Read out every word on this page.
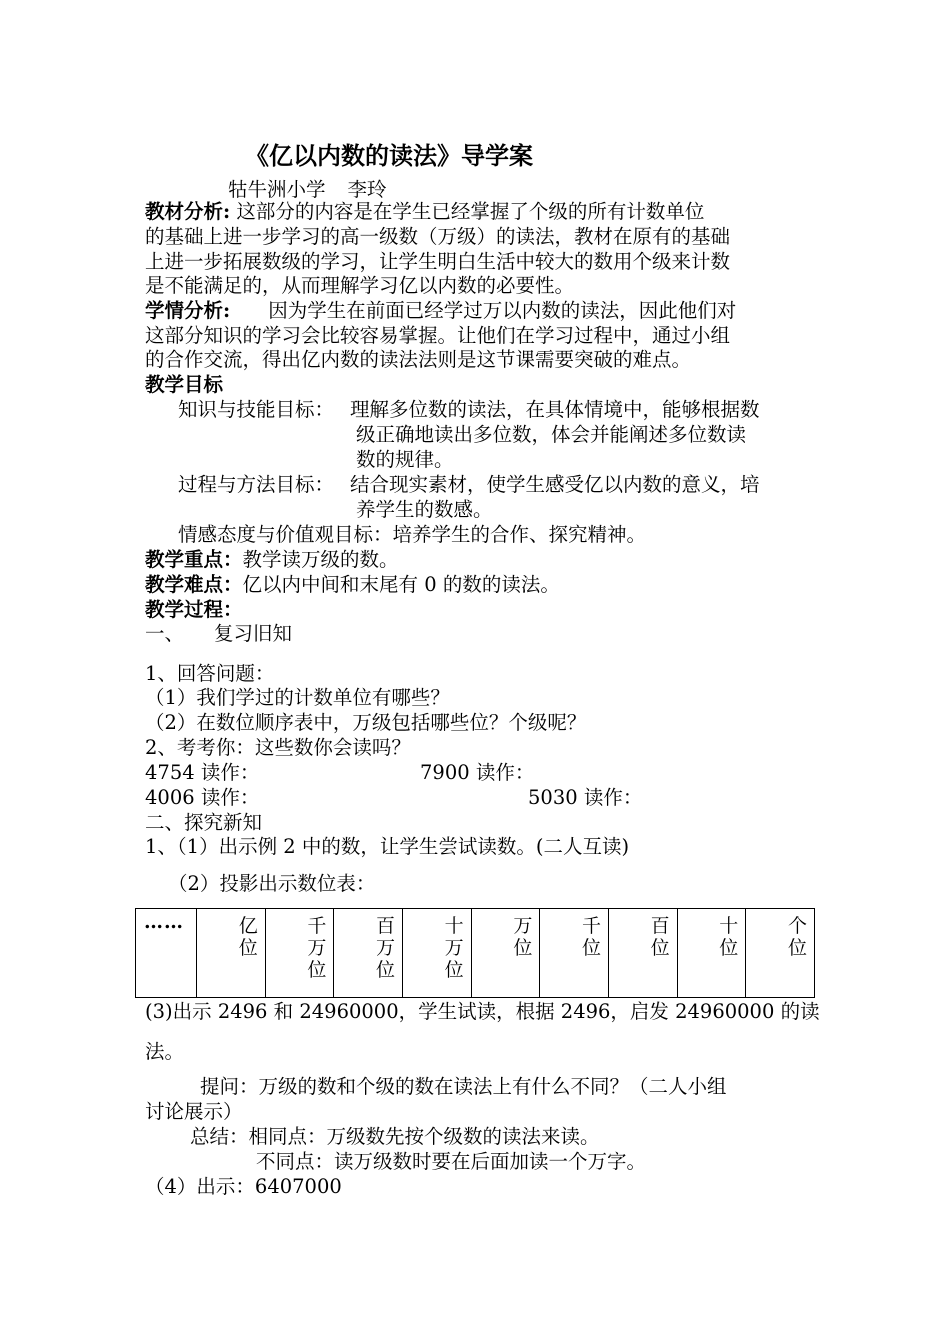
《亿以内数的读法》导学案
牯牛洲小学 李玲
教材分析: 这部分的内容是在学生已经掌握了个级的所有计数单位
的基础上进一步学习的高一级数（万级）的读法，教材在原有的基础
上进一步拓展数级的学习，让学生明白生活中较大的数用个级来计数
是不能满足的，从而理解学习亿以内数的必要性。
学情分析: 因为学生在前面已经学过万以内数的读法，因此他们对
这部分知识的学习会比较容易掌握。让他们在学习过程中，通过小组
的合作交流，得出亿内数的读法法则是这节课需要突破的难点。
教学目标
知识与技能目标： 理解多位数的读法，在具体情境中，能够根据数
级正确地读出多位数，体会并能阐述多位数读
数的规律。
过程与方法目标： 结合现实素材，使学生感受亿以内数的意义，培
养学生的数感。
情感态度与价值观目标：培养学生的合作、探究精神。
教学重点：教学读万级的数。
教学难点：亿以内中间和末尾有 0 的数的读法。
教学过程：
一、 复习旧知
1、回答问题：
（1）我们学过的计数单位有哪些？
（2）在数位顺序表中，万级包括哪些位？个级呢？
2、考考你：这些数你会读吗？
4754 读作：	7900 读作：
4006 读作：	5030 读作：
二、探究新知
1、（1）出示例 2 中的数，让学生尝试读数。(二人互读)
（2）投影出示数位表：
……	亿位	千万位	百万位	十万位	万位	千位	百位	十位	个位
(3)出示 2496 和 24960000，学生试读，根据 2496，启发 24960000 的读
法。
提问：万级的数和个级的数在读法上有什么不同？（二人小组
讨论展示）
总结：相同点：万级数先按个级数的读法来读。
不同点：读万级数时要在后面加读一个万字。
（4）出示：6407000
